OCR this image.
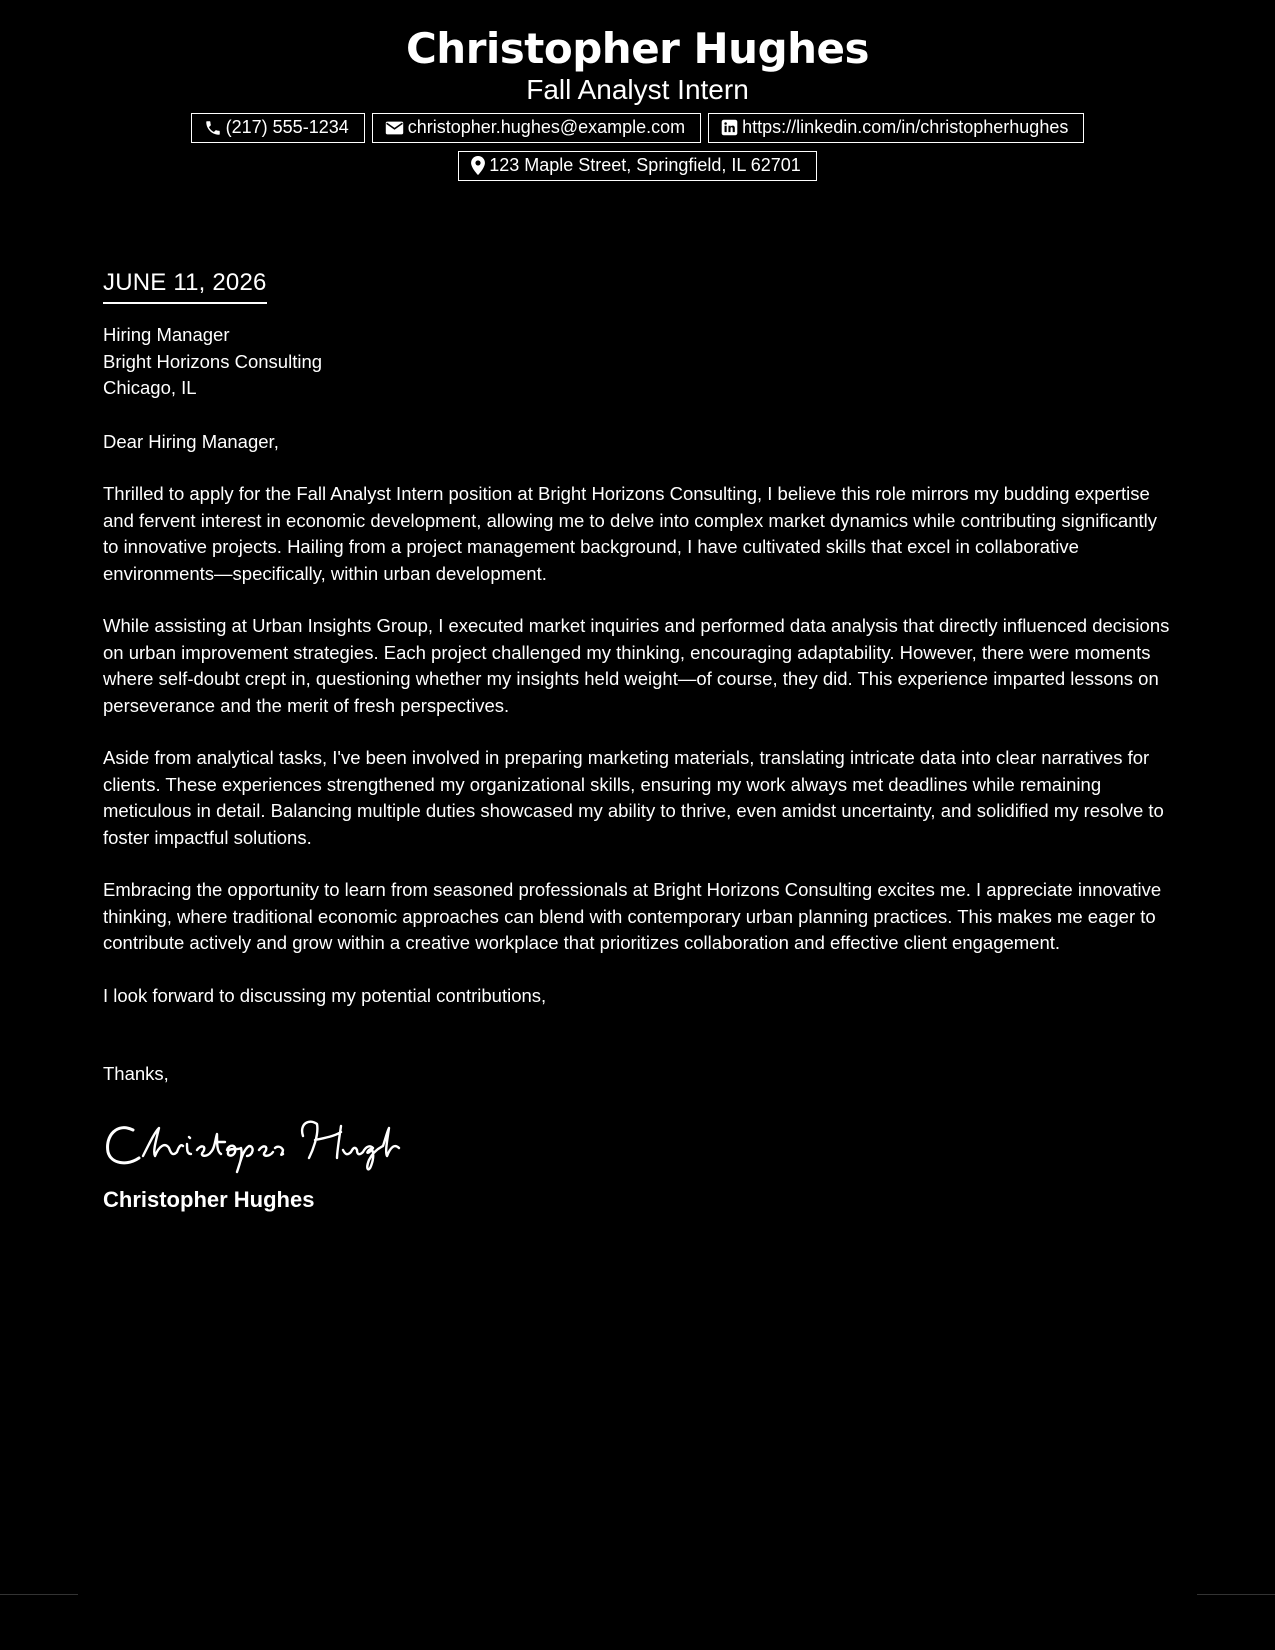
Christopher Hughes
Fall Analyst Intern
(217) 555-1234	christopher.hughes@example.com	https://linkedin.com/in/christopherhughes
123 Maple Street, Springfield, IL 62701
JUNE 11, 2026
Hiring Manager
Bright Horizons Consulting
Chicago, IL
Dear Hiring Manager,
Thrilled to apply for the Fall Analyst Intern position at Bright Horizons Consulting, I believe this role mirrors my budding expertise and fervent interest in economic development, allowing me to delve into complex market dynamics while contributing significantly to innovative projects. Hailing from a project management background, I have cultivated skills that excel in collaborative environments—specifically, within urban development.
While assisting at Urban Insights Group, I executed market inquiries and performed data analysis that directly influenced decisions on urban improvement strategies. Each project challenged my thinking, encouraging adaptability. However, there were moments where self-doubt crept in, questioning whether my insights held weight—of course, they did. This experience imparted lessons on perseverance and the merit of fresh perspectives.
Aside from analytical tasks, I've been involved in preparing marketing materials, translating intricate data into clear narratives for clients. These experiences strengthened my organizational skills, ensuring my work always met deadlines while remaining meticulous in detail. Balancing multiple duties showcased my ability to thrive, even amidst uncertainty, and solidified my resolve to foster impactful solutions.
Embracing the opportunity to learn from seasoned professionals at Bright Horizons Consulting excites me. I appreciate innovative thinking, where traditional economic approaches can blend with contemporary urban planning practices. This makes me eager to contribute actively and grow within a creative workplace that prioritizes collaboration and effective client engagement.
I look forward to discussing my potential contributions,
Thanks,
Christopher Hughes
